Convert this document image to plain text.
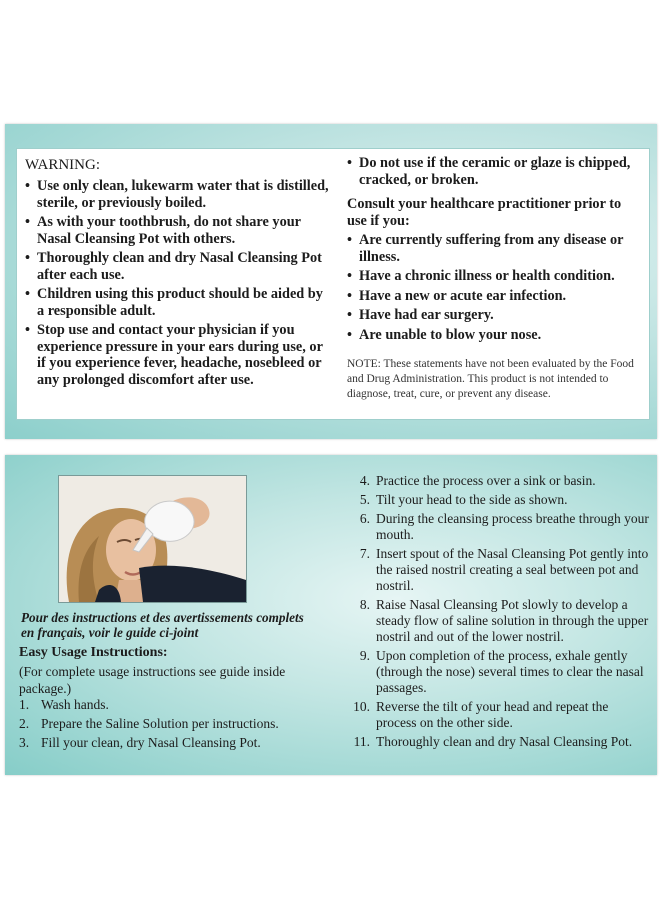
WARNING:
• Use only clean, lukewarm water that is distilled, sterile, or previously boiled.
• As with your toothbrush, do not share your Nasal Cleansing Pot with others.
• Thoroughly clean and dry Nasal Cleansing Pot after each use.
• Children using this product should be aided by a responsible adult.
• Stop use and contact your physician if you experience pressure in your ears during use, or if you experience fever, headache, nosebleed or any prolonged discomfort after use.
• Do not use if the ceramic or glaze is chipped, cracked, or broken.
Consult your healthcare practitioner prior to use if you:
• Are currently suffering from any disease or illness.
• Have a chronic illness or health condition.
• Have a new or acute ear infection.
• Have had ear surgery.
• Are unable to blow your nose.
NOTE: These statements have not been evaluated by the Food and Drug Administration. This product is not intended to diagnose, treat, cure, or prevent any disease.
Pour des instructions et des avertissements complets en français, voir le guide ci-joint
Easy Usage Instructions:
(For complete usage instructions see guide inside package.)
1. Wash hands.
2. Prepare the Saline Solution per instructions.
3. Fill your clean, dry Nasal Cleansing Pot.
4. Practice the process over a sink or basin.
5. Tilt your head to the side as shown.
6. During the cleansing process breathe through your mouth.
7. Insert spout of the Nasal Cleansing Pot gently into the raised nostril creating a seal between pot and nostril.
8. Raise Nasal Cleansing Pot slowly to develop a steady flow of saline solution in through the upper nostril and out of the lower nostril.
9. Upon completion of the process, exhale gently (through the nose) several times to clear the nasal passages.
10. Reverse the tilt of your head and repeat the process on the other side.
11. Thoroughly clean and dry Nasal Cleansing Pot.
